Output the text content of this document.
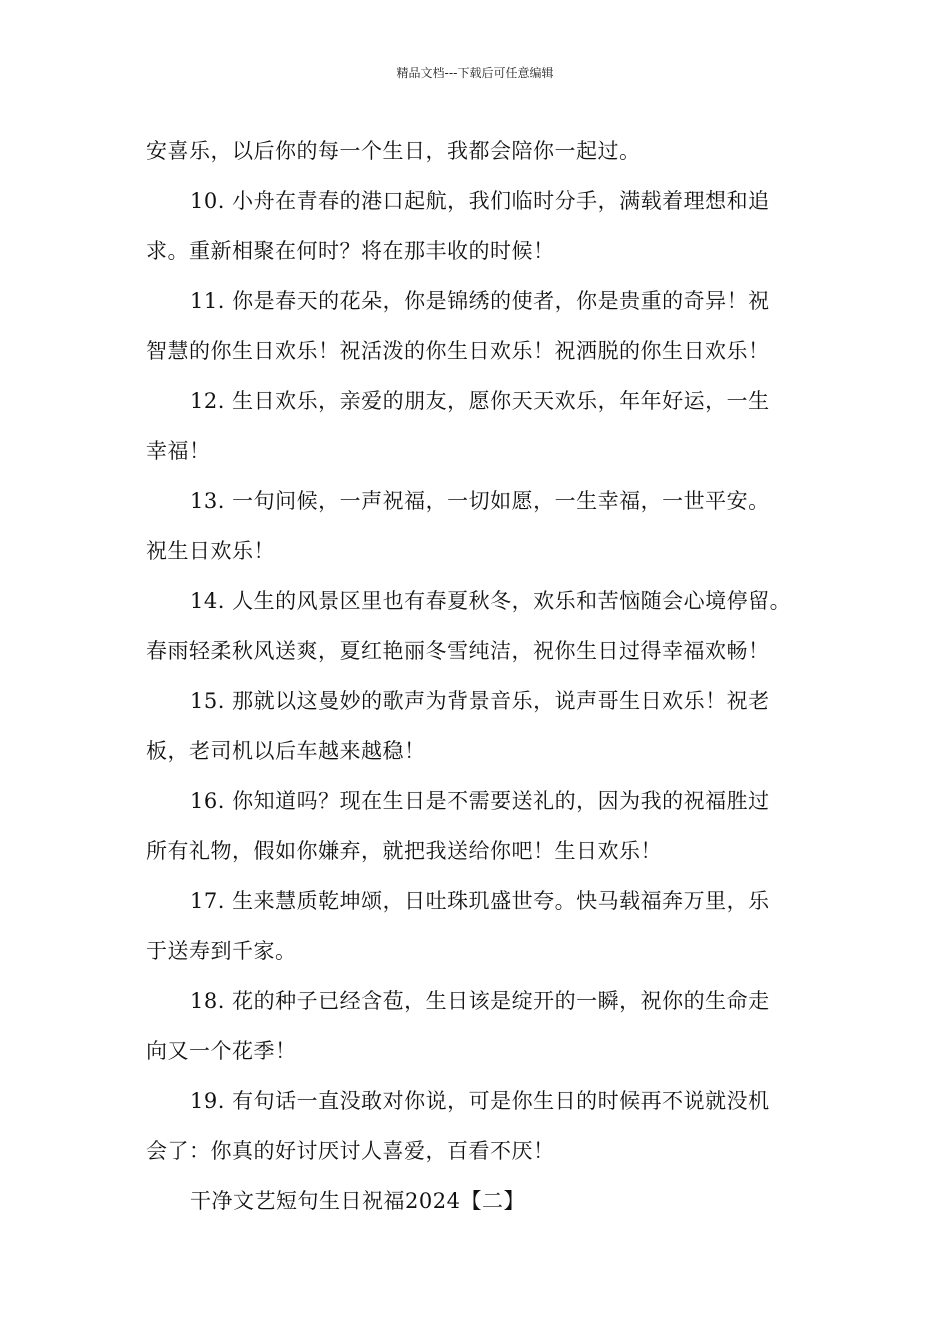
精品文档---下载后可任意编辑
安喜乐，以后你的每一个生日，我都会陪你一起过。
10. 小舟在青春的港口起航，我们临时分手，满载着理想和追
求。重新相聚在何时？将在那丰收的时候！
11. 你是春天的花朵，你是锦绣的使者，你是贵重的奇异！祝
智慧的你生日欢乐！祝活泼的你生日欢乐！祝洒脱的你生日欢乐！
12. 生日欢乐，亲爱的朋友，愿你天天欢乐，年年好运，一生
幸福！
13. 一句问候，一声祝福，一切如愿，一生幸福，一世平安。
祝生日欢乐！
14. 人生的风景区里也有春夏秋冬，欢乐和苦恼随会心境停留。
春雨轻柔秋风送爽，夏红艳丽冬雪纯洁，祝你生日过得幸福欢畅！
15. 那就以这曼妙的歌声为背景音乐，说声哥生日欢乐！祝老
板，老司机以后车越来越稳！
16. 你知道吗？现在生日是不需要送礼的，因为我的祝福胜过
所有礼物，假如你嫌弃，就把我送给你吧！生日欢乐！
17. 生来慧质乾坤颂，日吐珠玑盛世夸。快马载福奔万里，乐
于送寿到千家。
18. 花的种子已经含苞，生日该是绽开的一瞬，祝你的生命走
向又一个花季！
19. 有句话一直没敢对你说，可是你生日的时候再不说就没机
会了：你真的好讨厌讨人喜爱，百看不厌！
干净文艺短句生日祝福2024【二】
